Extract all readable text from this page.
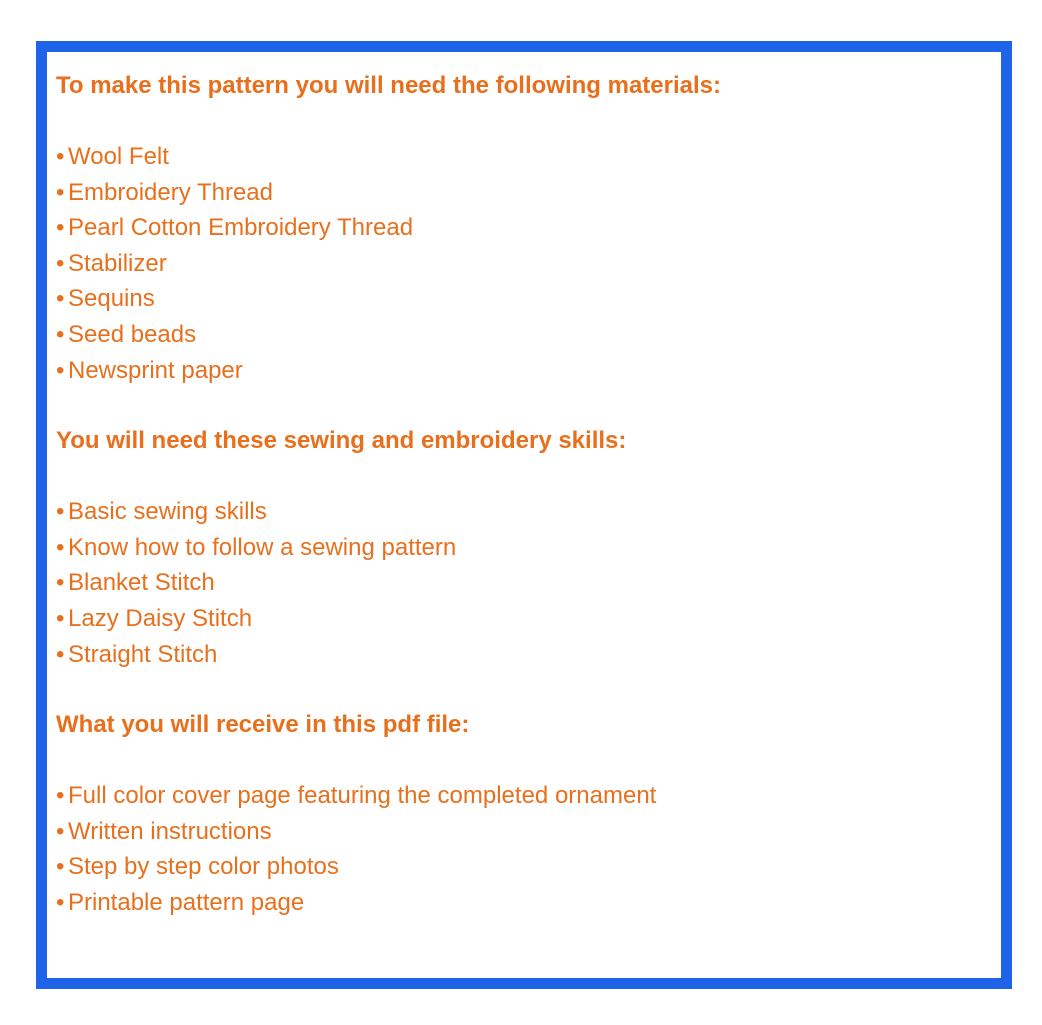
To make this pattern you will need the following materials:
• Wool Felt
• Embroidery Thread
• Pearl Cotton Embroidery Thread
• Stabilizer
• Sequins
• Seed beads
• Newsprint paper
You will need these sewing and embroidery skills:
• Basic sewing skills
• Know how to follow a sewing pattern
• Blanket Stitch
• Lazy Daisy Stitch
• Straight Stitch
What you will receive in this pdf file:
• Full color cover page featuring the completed ornament
• Written instructions
• Step by step color photos
• Printable pattern page
